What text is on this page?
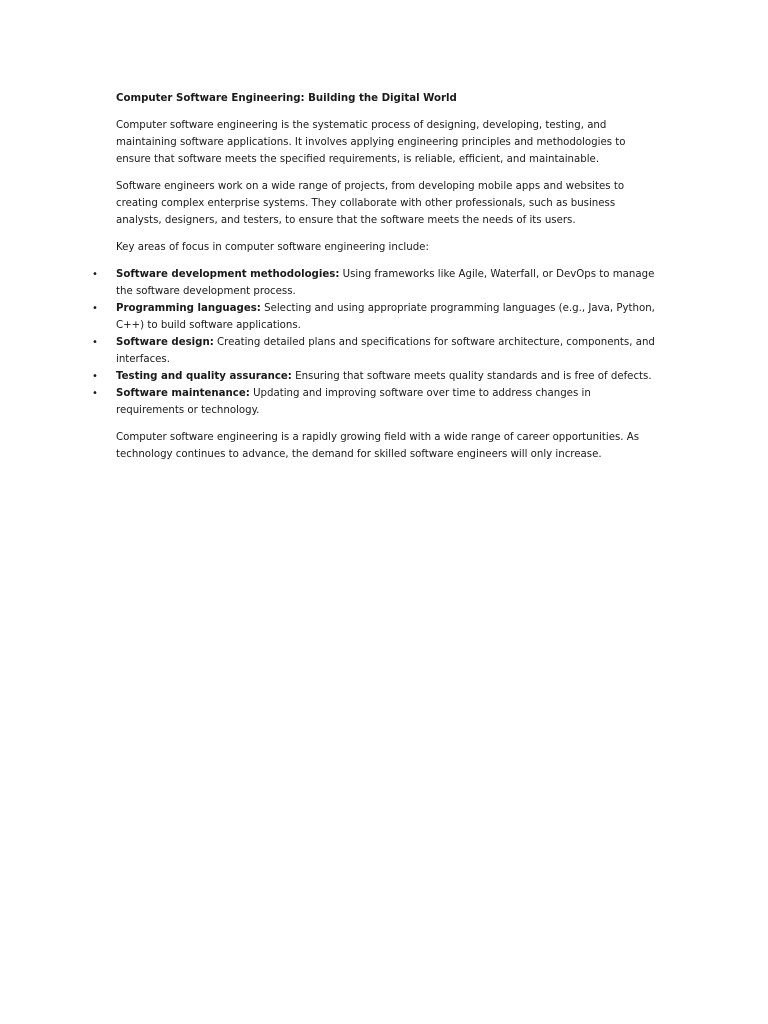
Computer Software Engineering: Building the Digital World

Computer software engineering is the systematic process of designing, developing, testing, and maintaining software applications. It involves applying engineering principles and methodologies to ensure that software meets the specified requirements, is reliable, efficient, and maintainable.

Software engineers work on a wide range of projects, from developing mobile apps and websites to creating complex enterprise systems. They collaborate with other professionals, such as business analysts, designers, and testers, to ensure that the software meets the needs of its users.

Key areas of focus in computer software engineering include:

• Software development methodologies: Using frameworks like Agile, Waterfall, or DevOps to manage the software development process.
• Programming languages: Selecting and using appropriate programming languages (e.g., Java, Python, C++) to build software applications.
• Software design: Creating detailed plans and specifications for software architecture, components, and interfaces.
• Testing and quality assurance: Ensuring that software meets quality standards and is free of defects.
• Software maintenance: Updating and improving software over time to address changes in requirements or technology.

Computer software engineering is a rapidly growing field with a wide range of career opportunities. As technology continues to advance, the demand for skilled software engineers will only increase.
